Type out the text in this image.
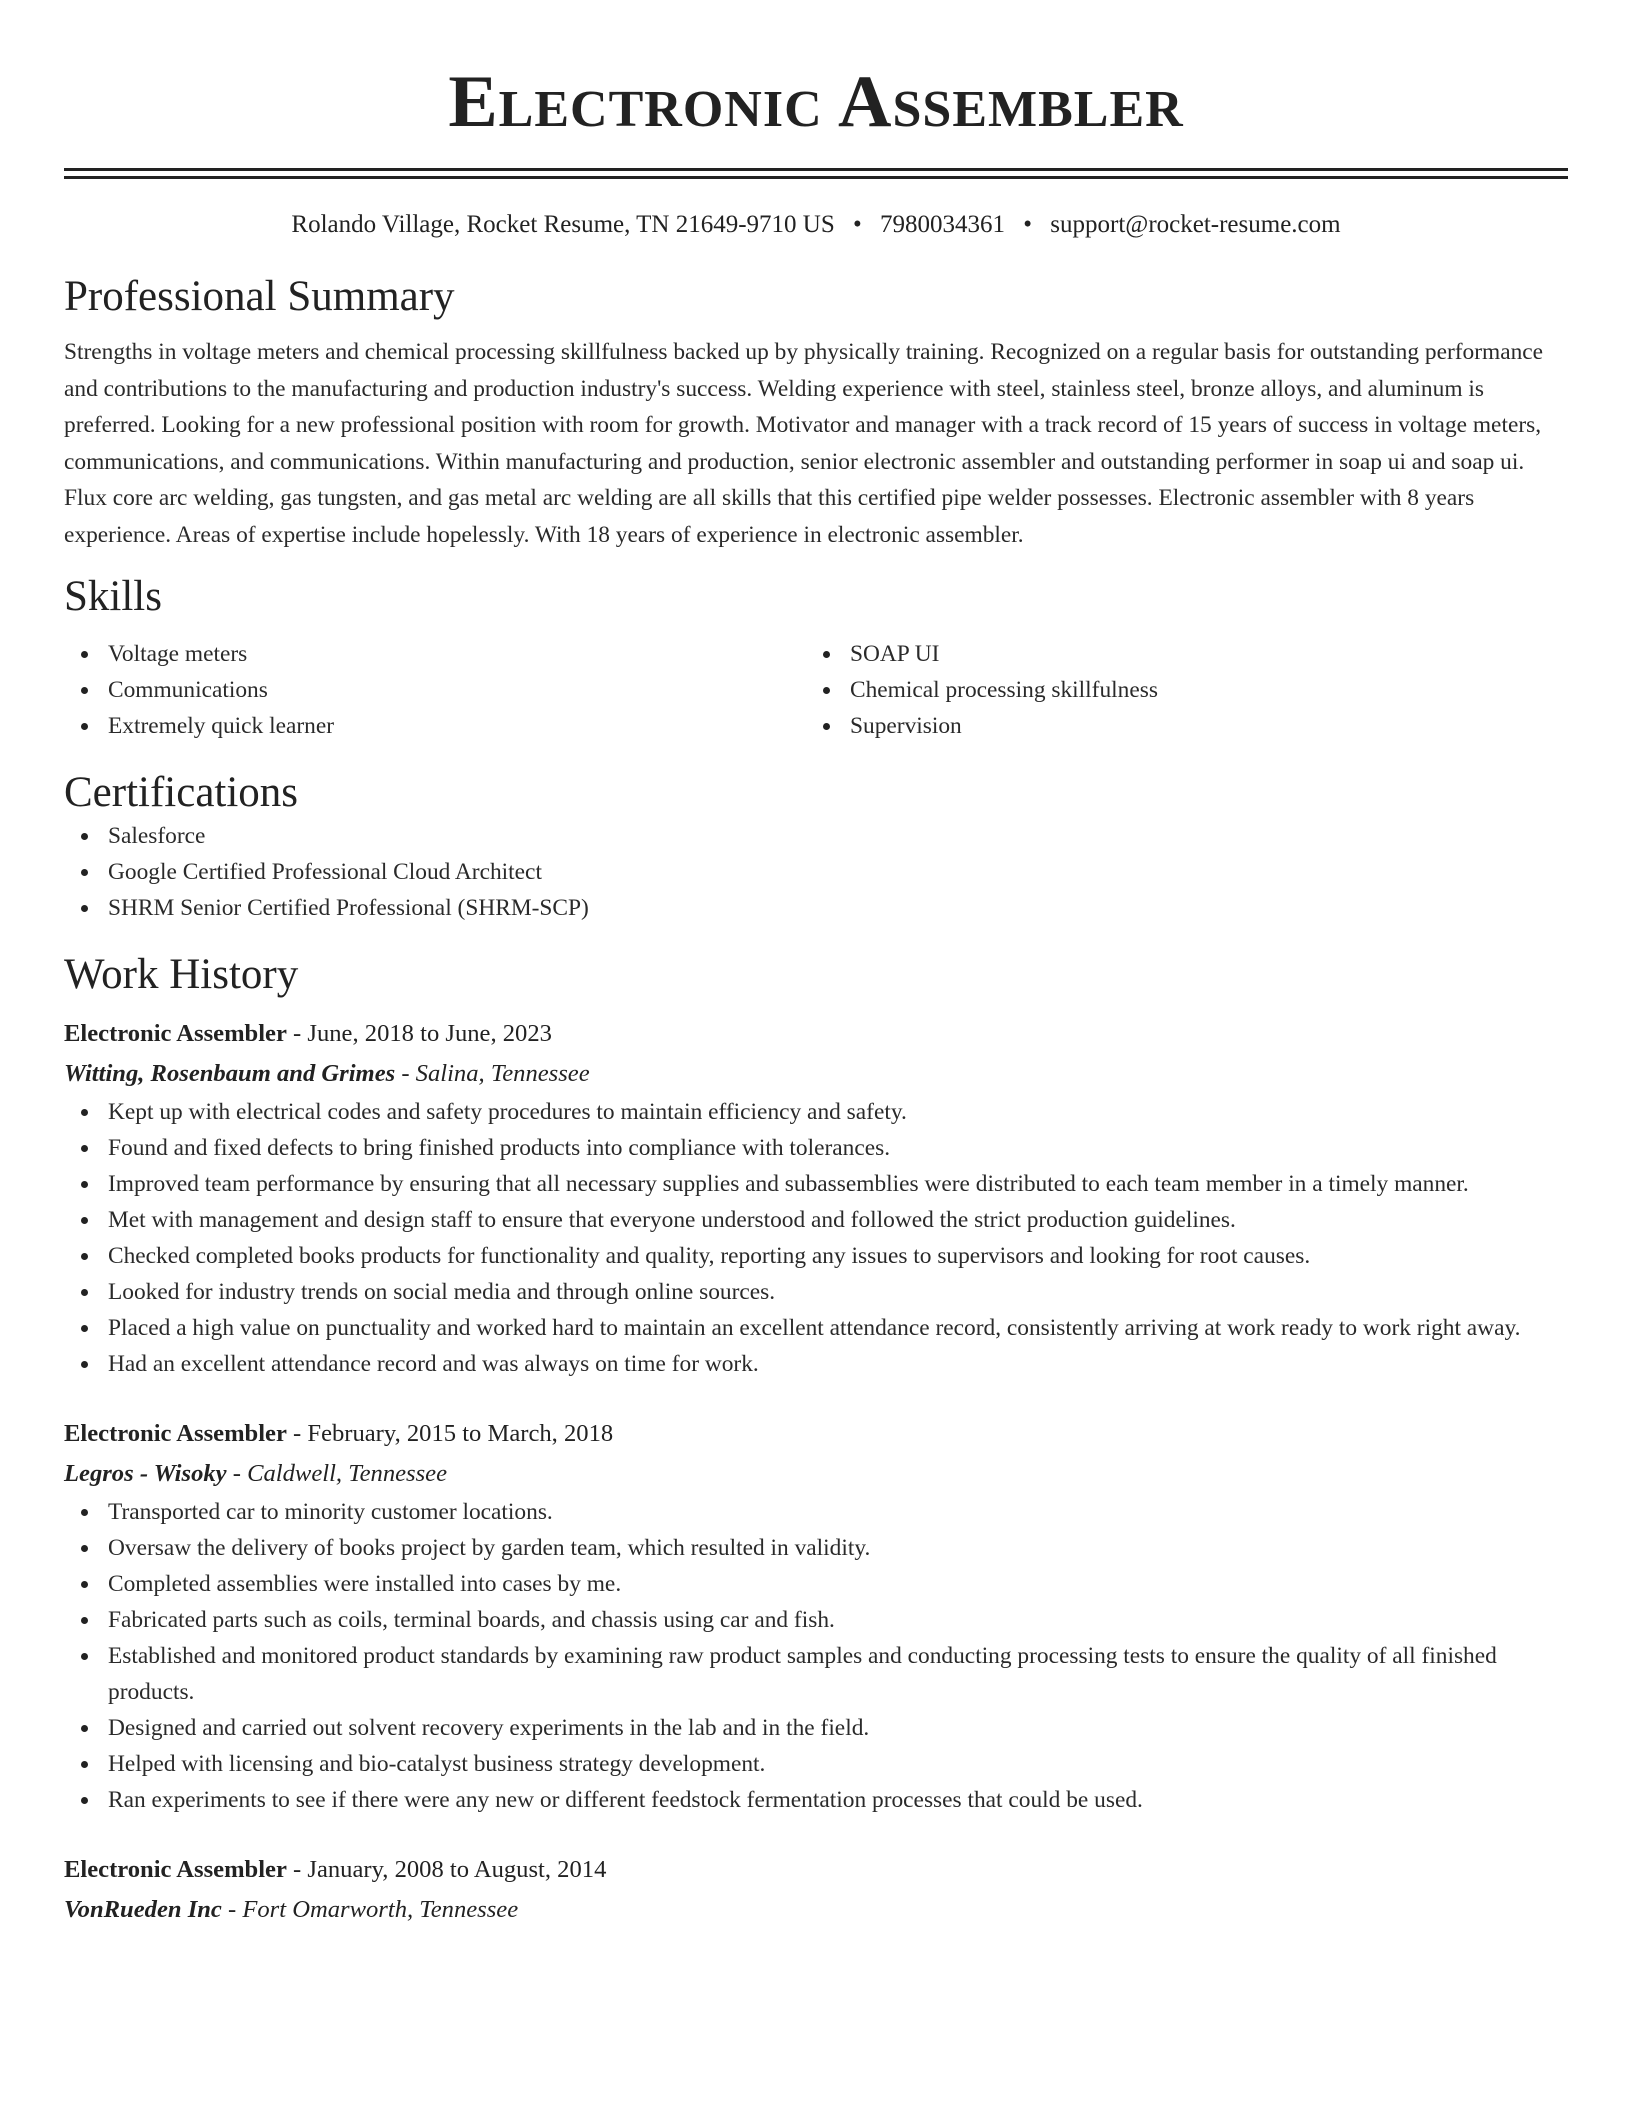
Electronic Assembler
Rolando Village, Rocket Resume, TN 21649-9710 US • 7980034361 • support@rocket-resume.com
Professional Summary

Strengths in voltage meters and chemical processing skillfulness backed up by physically training. Recognized on a regular basis for outstanding performance and contributions to the manufacturing and production industry's success. Welding experience with steel, stainless steel, bronze alloys, and aluminum is preferred. Looking for a new professional position with room for growth. Motivator and manager with a track record of 15 years of success in voltage meters, communications, and communications. Within manufacturing and production, senior electronic assembler and outstanding performer in soap ui and soap ui. Flux core arc welding, gas tungsten, and gas metal arc welding are all skills that this certified pipe welder possesses. Electronic assembler with 8 years experience. Areas of expertise include hopelessly. With 18 years of experience in electronic assembler.

Skills
Voltage meters
Communications
Extremely quick learner
SOAP UI
Chemical processing skillfulness
Supervision
Certifications
Salesforce
Google Certified Professional Cloud Architect
SHRM Senior Certified Professional (SHRM-SCP)
Work History
Electronic Assembler - June, 2018 to June, 2023
Witting, Rosenbaum and Grimes - Salina, Tennessee
Kept up with electrical codes and safety procedures to maintain efficiency and safety.
Found and fixed defects to bring finished products into compliance with tolerances.
Improved team performance by ensuring that all necessary supplies and subassemblies were distributed to each team member in a timely manner.
Met with management and design staff to ensure that everyone understood and followed the strict production guidelines.
Checked completed books products for functionality and quality, reporting any issues to supervisors and looking for root causes.
Looked for industry trends on social media and through online sources.
Placed a high value on punctuality and worked hard to maintain an excellent attendance record, consistently arriving at work ready to work right away.
Had an excellent attendance record and was always on time for work.
Electronic Assembler - February, 2015 to March, 2018
Legros - Wisoky - Caldwell, Tennessee
Transported car to minority customer locations.
Oversaw the delivery of books project by garden team, which resulted in validity.
Completed assemblies were installed into cases by me.
Fabricated parts such as coils, terminal boards, and chassis using car and fish.
Established and monitored product standards by examining raw product samples and conducting processing tests to ensure the quality of all finished products.
Designed and carried out solvent recovery experiments in the lab and in the field.
Helped with licensing and bio-catalyst business strategy development.
Ran experiments to see if there were any new or different feedstock fermentation processes that could be used.
Electronic Assembler - January, 2008 to August, 2014
VonRueden Inc - Fort Omarworth, Tennessee
